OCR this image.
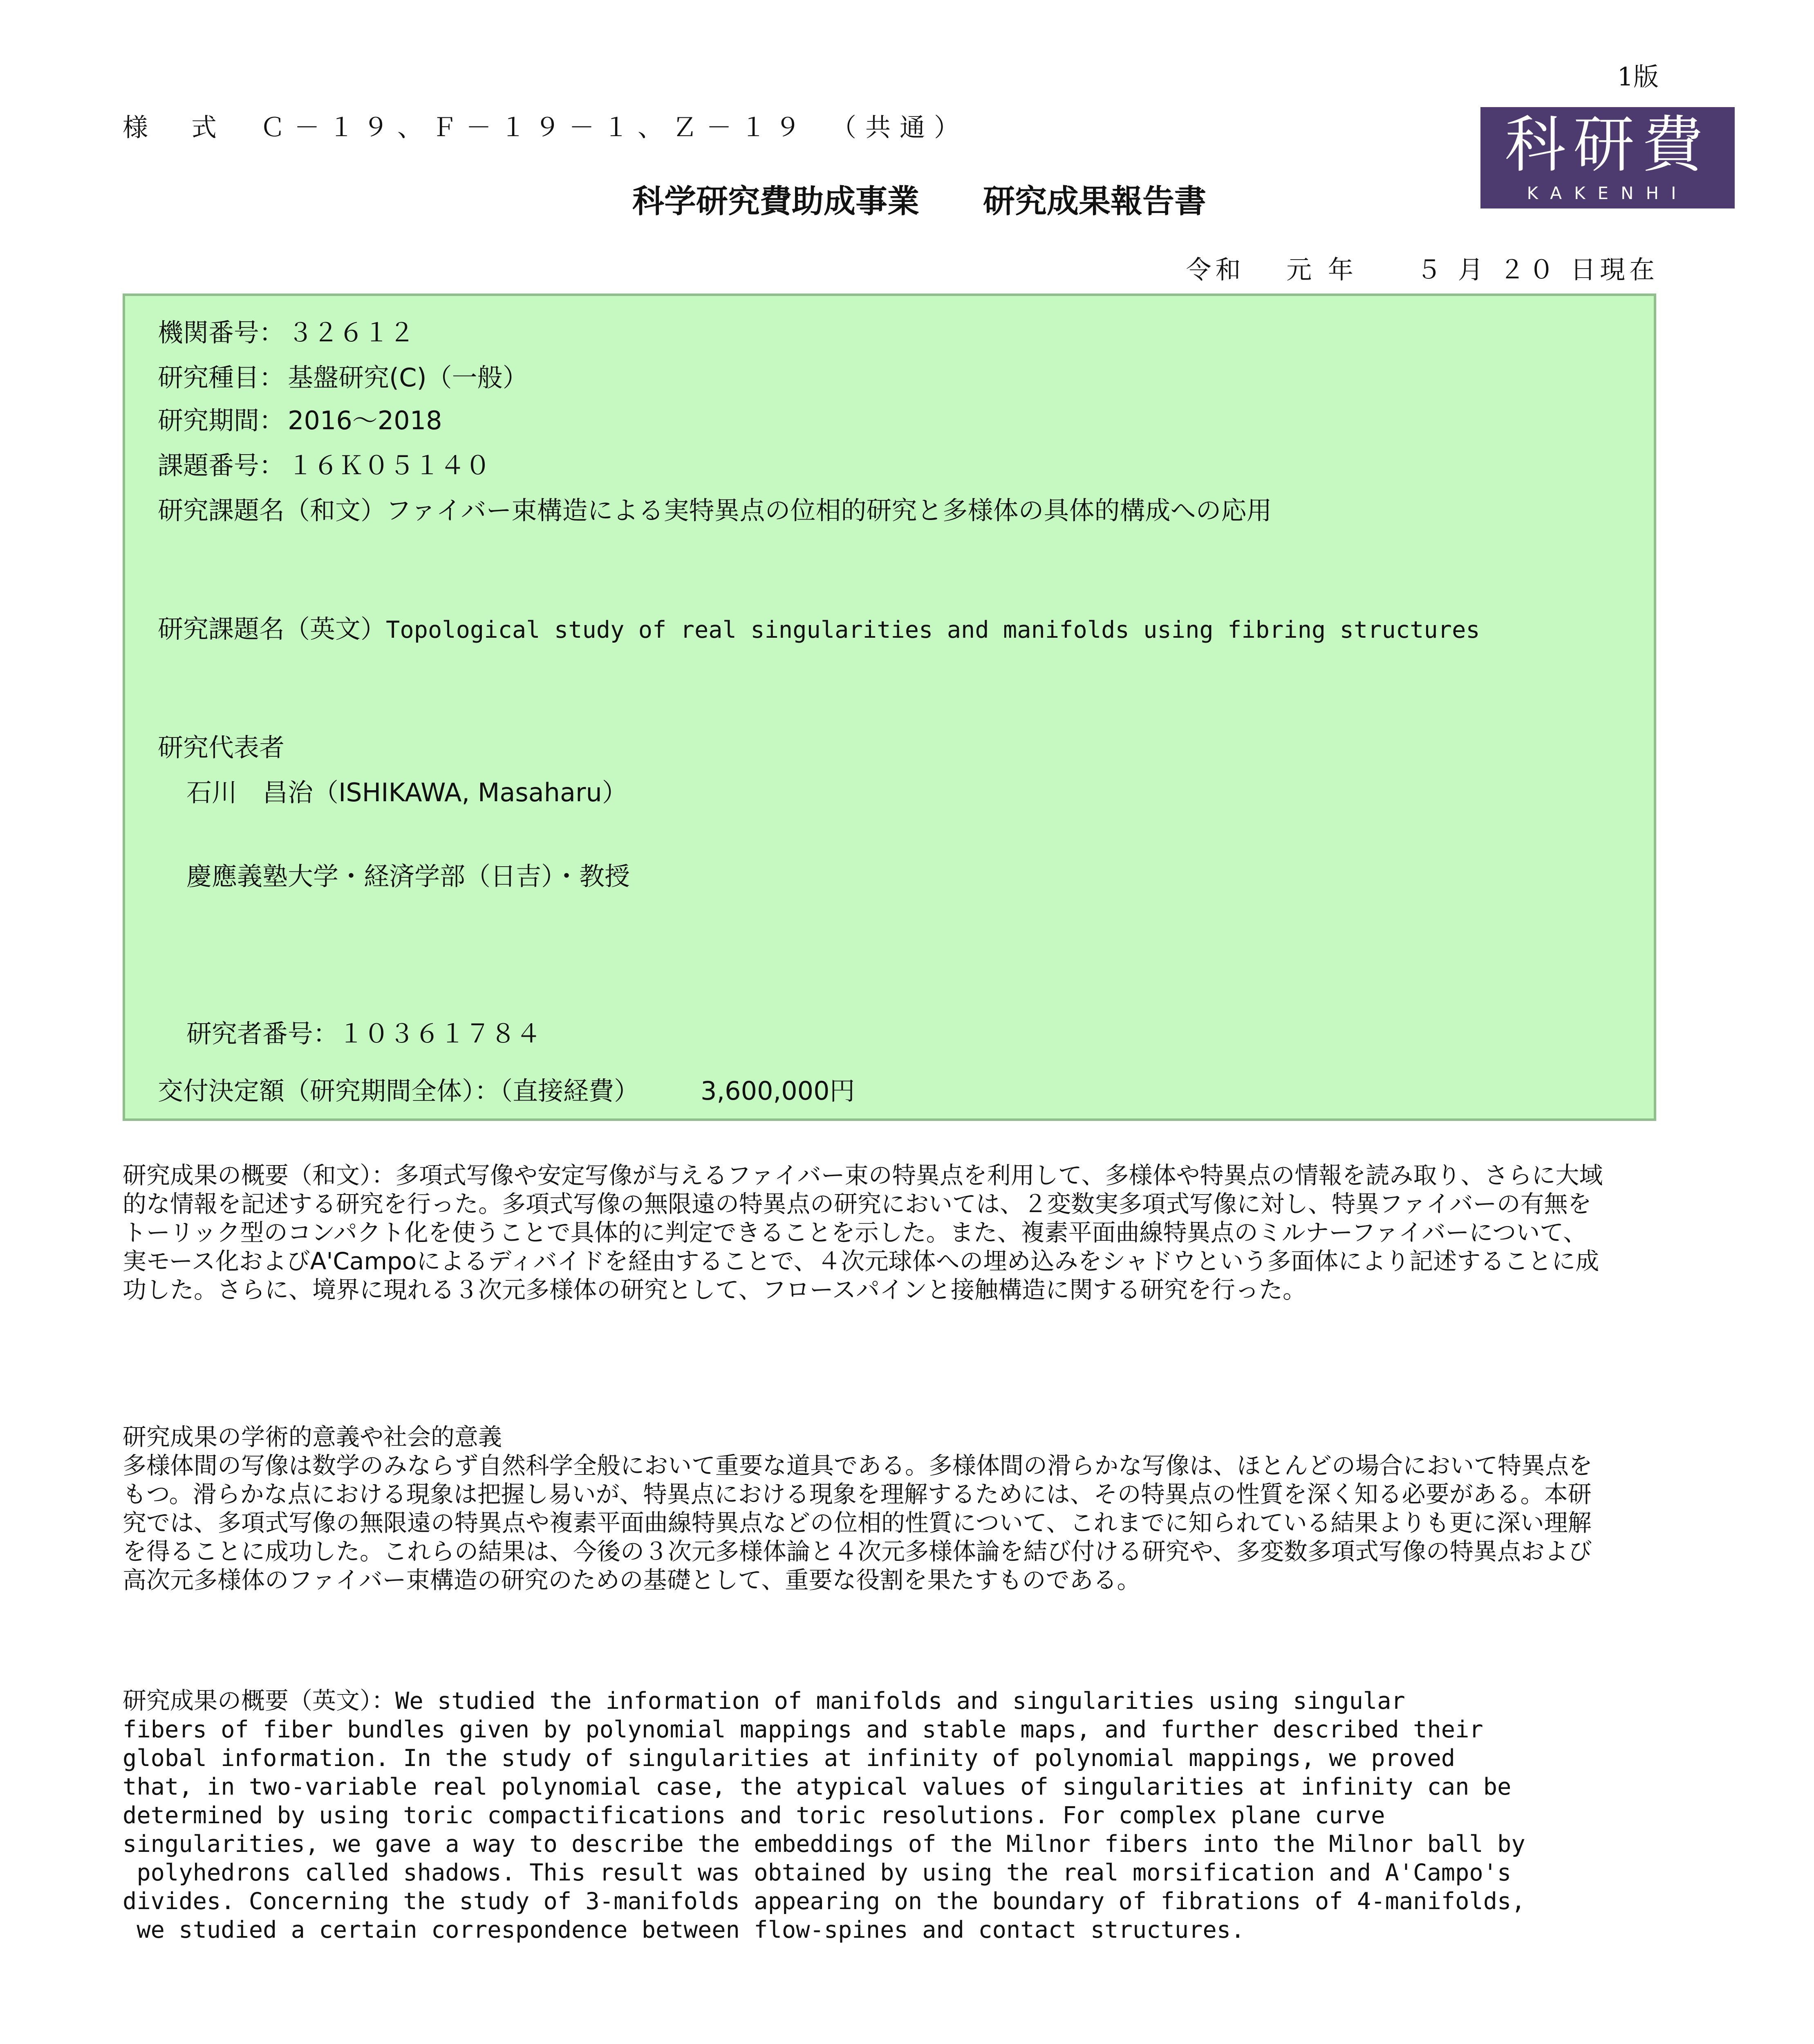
1版
様　式　Ｃ－１９、Ｆ－１９－１、Ｚ－１９　（共通）	科研費
KAKENHI
科学研究費助成事業　　研究成果報告書
令和　 元 年　　５ 月 ２０ 日現在
機関番号： ３２６１２
研究種目： 基盤研究(C)（一般）
研究期間： 2016～2018
課題番号： １６Ｋ０５１４０
研究課題名（和文）ファイバー束構造による実特異点の位相的研究と多様体の具体的構成への応用
研究課題名（英文）Topological study of real singularities and manifolds using fibring structures
研究代表者
石川　昌治（ISHIKAWA, Masaharu）
慶應義塾大学・経済学部（日吉）・教授
研究者番号：１０３６１７８４
交付決定額（研究期間全体）：（直接経費） 3,600,000円

研究成果の概要（和文）：多項式写像や安定写像が与えるファイバー束の特異点を利用して、多様体や特異点の情報を読み取り、さらに大域的な情報を記述する研究を行った。多項式写像の無限遠の特異点の研究においては、２変数実多項式写像に対し、特異ファイバーの有無をトーリック型のコンパクト化を使うことで具体的に判定できることを示した。また、複素平面曲線特異点のミルナーファイバーについて、実モース化およびA'Campoによるディバイドを経由することで、４次元球体への埋め込みをシャドウという多面体により記述することに成功した。さらに、境界に現れる３次元多様体の研究として、フロースパインと接触構造に関する研究を行った。

研究成果の学術的意義や社会的意義

多様体間の写像は数学のみならず自然科学全般において重要な道具である。多様体間の滑らかな写像は、ほとんどの場合において特異点をもつ。滑らかな点における現象は把握し易いが、特異点における現象を理解するためには、その特異点の性質を深く知る必要がある。本研究では、多項式写像の無限遠の特異点や複素平面曲線特異点などの位相的性質について、これまでに知られている結果よりも更に深い理解を得ることに成功した。これらの結果は、今後の３次元多様体論と４次元多様体論を結び付ける研究や、多変数多項式写像の特異点および高次元多様体のファイバー束構造の研究のための基礎として、重要な役割を果たすものである。

研究成果の概要（英文）：We studied the information of manifolds and singularities using singular
fibers of fiber bundles given by polynomial mappings and stable maps, and further described their
global information. In the study of singularities at infinity of polynomial mappings, we proved
that, in two-variable real polynomial case, the atypical values of singularities at infinity can be
determined by using toric compactifications and toric resolutions. For complex plane curve
singularities, we gave a way to describe the embeddings of the Milnor fibers into the Milnor ball by
polyhedrons called shadows. This result was obtained by using the real morsification and A'Campo's
divides. Concerning the study of 3-manifolds appearing on the boundary of fibrations of 4-manifolds,
we studied a certain correspondence between flow-spines and contact structures.
